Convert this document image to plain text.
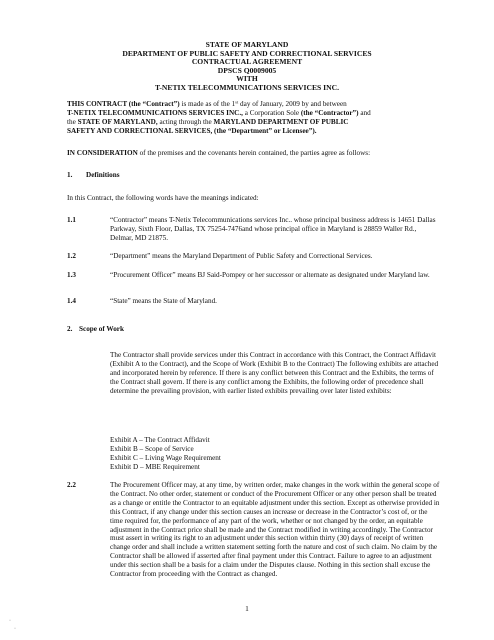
STATE OF MARYLAND
DEPARTMENT OF PUBLIC SAFETY AND CORRECTIONAL SERVICES
CONTRACTUAL AGREEMENT
DPSCS Q0009005
WITH
T-NETIX TELECOMMUNICATIONS SERVICES INC.
THIS CONTRACT (the “Contract”) is made as of the 1st day of January, 2009 by and between
T-NETIX TELECOMMUNICATIONS SERVICES INC., a Corporation Sole (the “Contractor”) and
the STATE OF MARYLAND, acting through the MARYLAND DEPARTMENT OF PUBLIC
SAFETY AND CORRECTIONAL SERVICES, (the “Department” or Licensee”).
IN CONSIDERATION of the premises and the covenants herein contained, the parties agree as follows:
1. Definitions
In this Contract, the following words have the meanings indicated:
1.1	“Contractor” means T-Netix Telecommunications services Inc.. whose principal business address is 14651 Dallas Parkway, Sixth Floor, Dallas, TX 75254-7476and whose principal office in Maryland is 28859 Waller Rd., Delmar, MD 21875.
1.2	“Department” means the Maryland Department of Public Safety and Correctional Services.
1.3	“Procurement Officer” means BJ Said-Pompey or her successor or alternate as designated under Maryland law.
1.4	“State” means the State of Maryland.
2. Scope of Work
The Contractor shall provide services under this Contract in accordance with this Contract, the Contract Affidavit (Exhibit A to the Contract), and the Scope of Work (Exhibit B to the Contract) The following exhibits are attached and incorporated herein by reference. If there is any conflict between this Contract and the Exhibits, the terms of the Contract shall govern. If there is any conflict among the Exhibits, the following order of precedence shall determine the prevailing provision, with earlier listed exhibits prevailing over later listed exhibits:
Exhibit A – The Contract Affidavit
Exhibit B – Scope of Service
Exhibit C – Living Wage Requirement
Exhibit D – MBE Requirement
2.2	The Procurement Officer may, at any time, by written order, make changes in the work within the general scope of the Contract. No other order, statement or conduct of the Procurement Officer or any other person shall be treated as a change or entitle the Contractor to an equitable adjustment under this section. Except as otherwise provided in this Contract, if any change under this section causes an increase or decrease in the Contractor’s cost of, or the time required for, the performance of any part of the work, whether or not changed by the order, an equitable adjustment in the Contract price shall be made and the Contract modified in writing accordingly. The Contractor must assert in writing its right to an adjustment under this section within thirty (30) days of receipt of written change order and shall include a written statement setting forth the nature and cost of such claim. No claim by the Contractor shall be allowed if asserted after final payment under this Contract. Failure to agree to an adjustment under this section shall be a basis for a claim under the Disputes clause. Nothing in this section shall excuse the Contractor from proceeding with the Contract as changed.
1
·
·
